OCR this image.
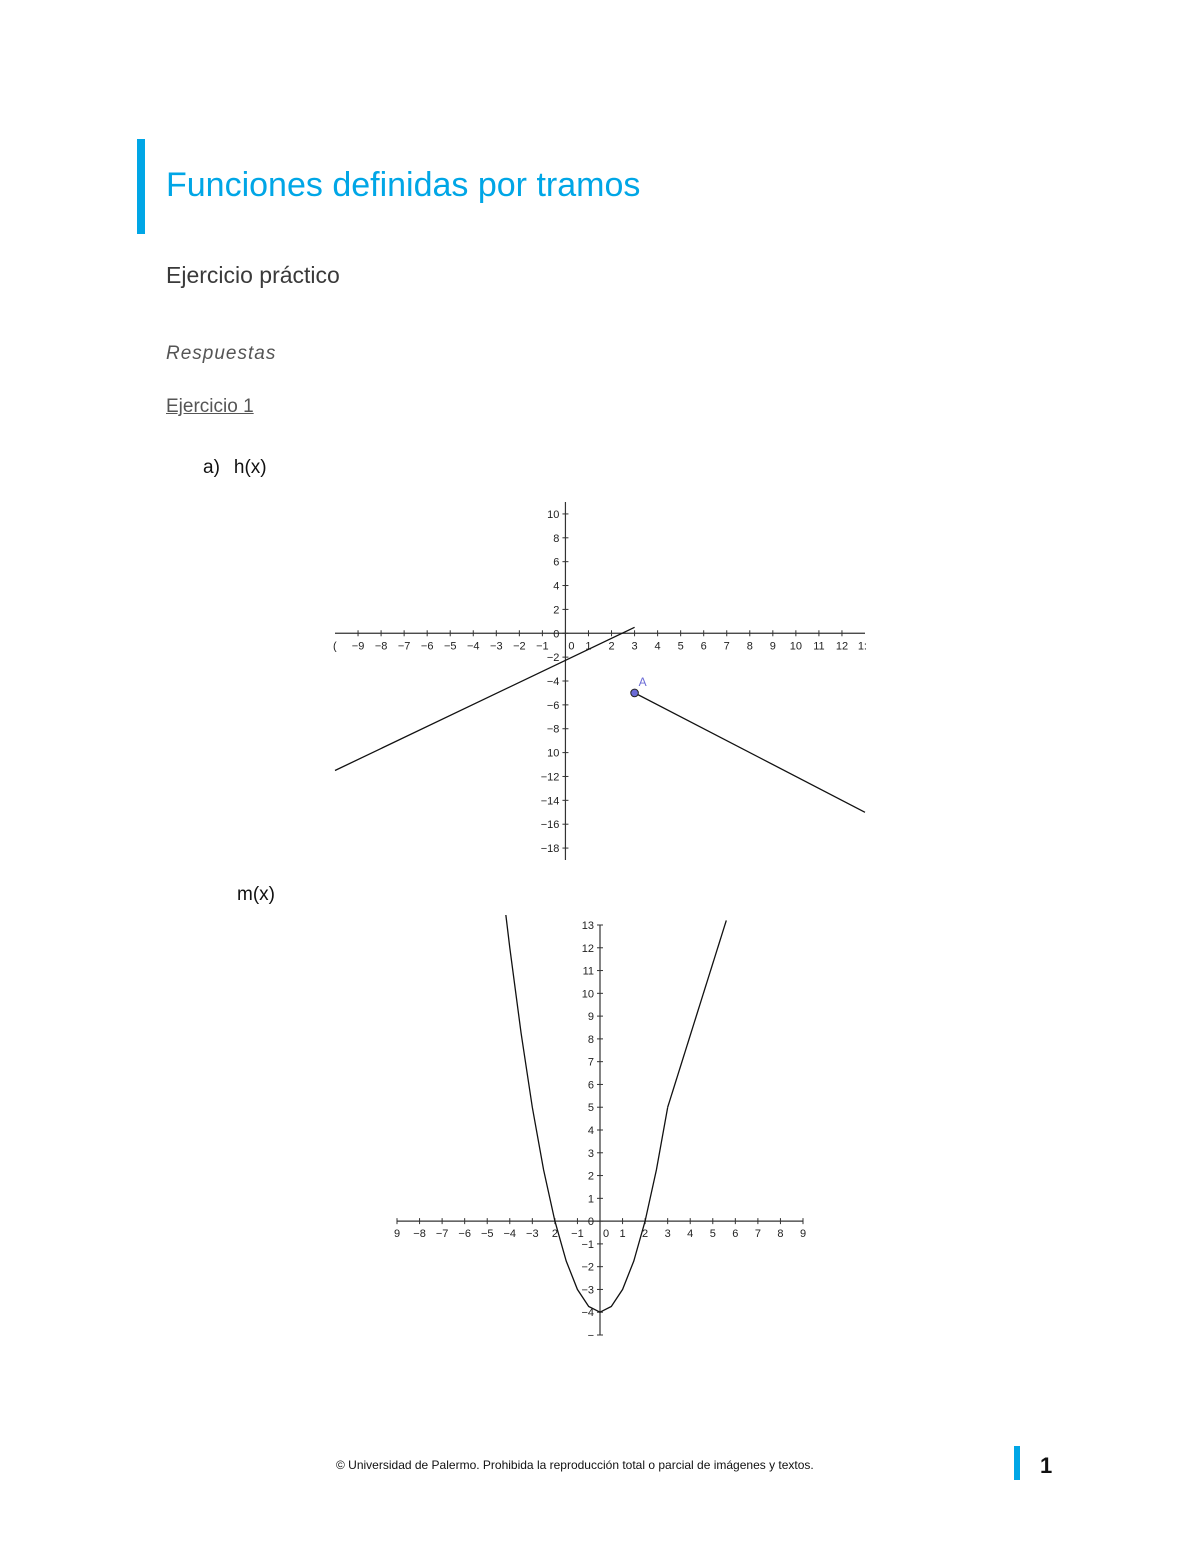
Funciones definidas por tramos
Ejercicio práctico
Respuestas
Ejercicio 1
a) h(x)
−9 −8 −7 −6 −5 −4 −3 −2 −1 0 1 2 3 4 5 6 7 8 9 10 11 12
(	1:
10
8
6
4
2
0
−2
−4
−6
−8
10
−12
−14
−16
−18
A
m(x)
9 −8 −7 −6 −5 −4 −3 2 −1 0 1 2 3 4 5 6 7 8 9
13
12
11
10
9
8
7
6
5
4
3
2
1
0
−1
−2
−3
−4
−
© Universidad de Palermo. Prohibida la reproducción total o parcial de imágenes y textos.	1
